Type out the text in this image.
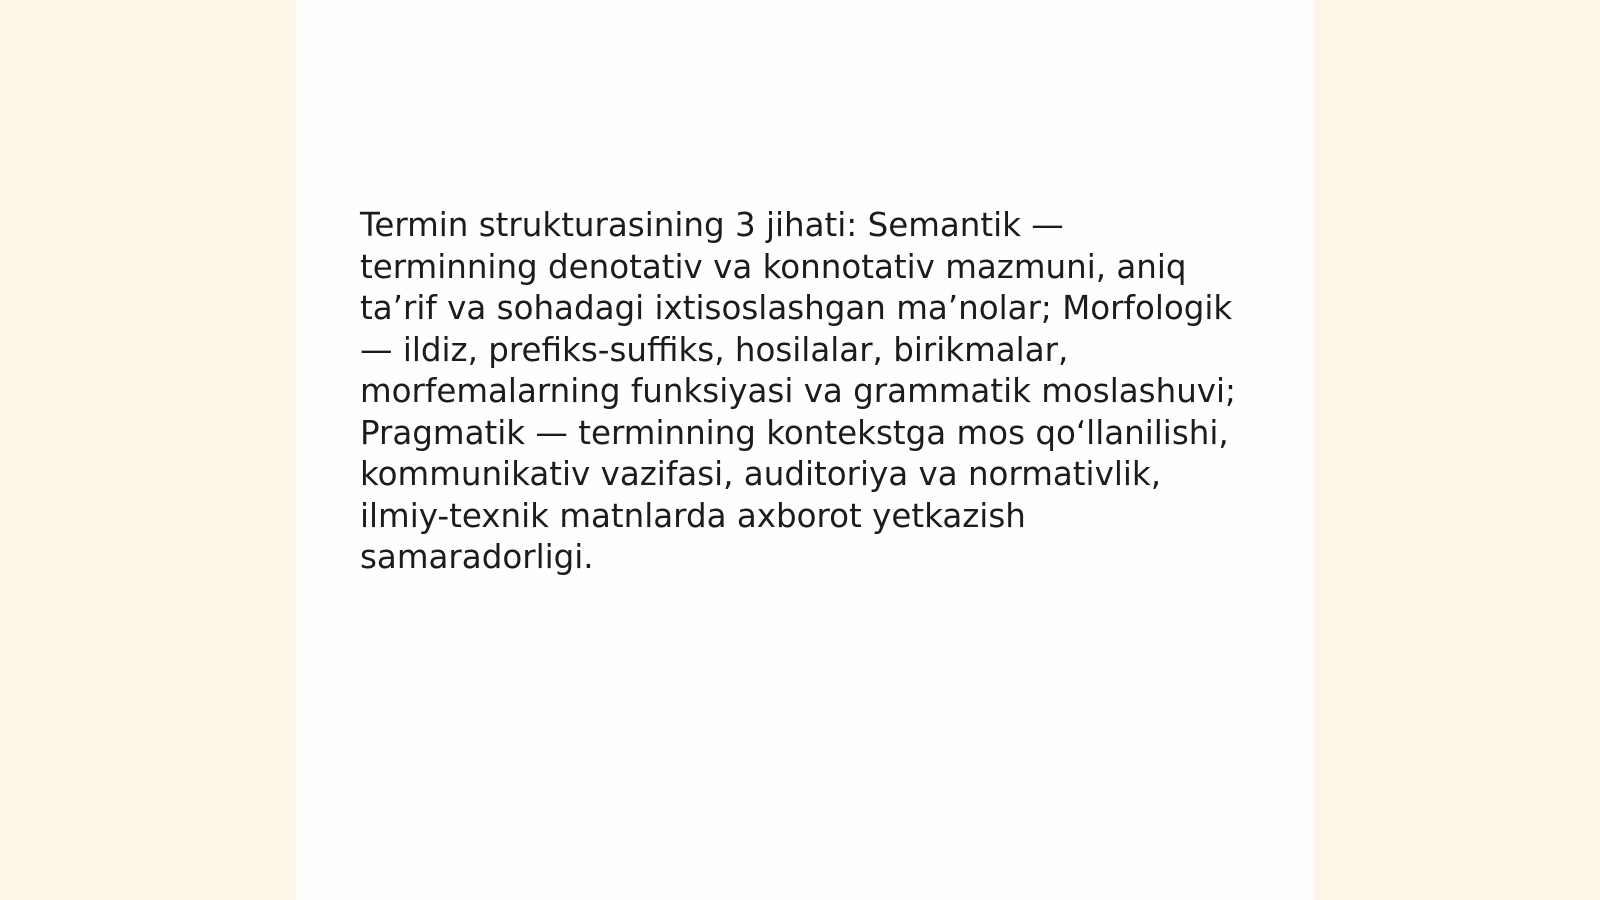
Termin strukturasining 3 jihati: Semantik —
terminning denotativ va konnotativ mazmuni, aniq
ta’rif va sohadagi ixtisoslashgan ma’nolar; Morfologik
— ildiz, prefiks-suffiks, hosilalar, birikmalar,
morfemalarning funksiyasi va grammatik moslashuvi;
Pragmatik — terminning kontekstga mos qo‘llanilishi,
kommunikativ vazifasi, auditoriya va normativlik,
ilmiy-texnik matnlarda axborot yetkazish
samaradorligi.
